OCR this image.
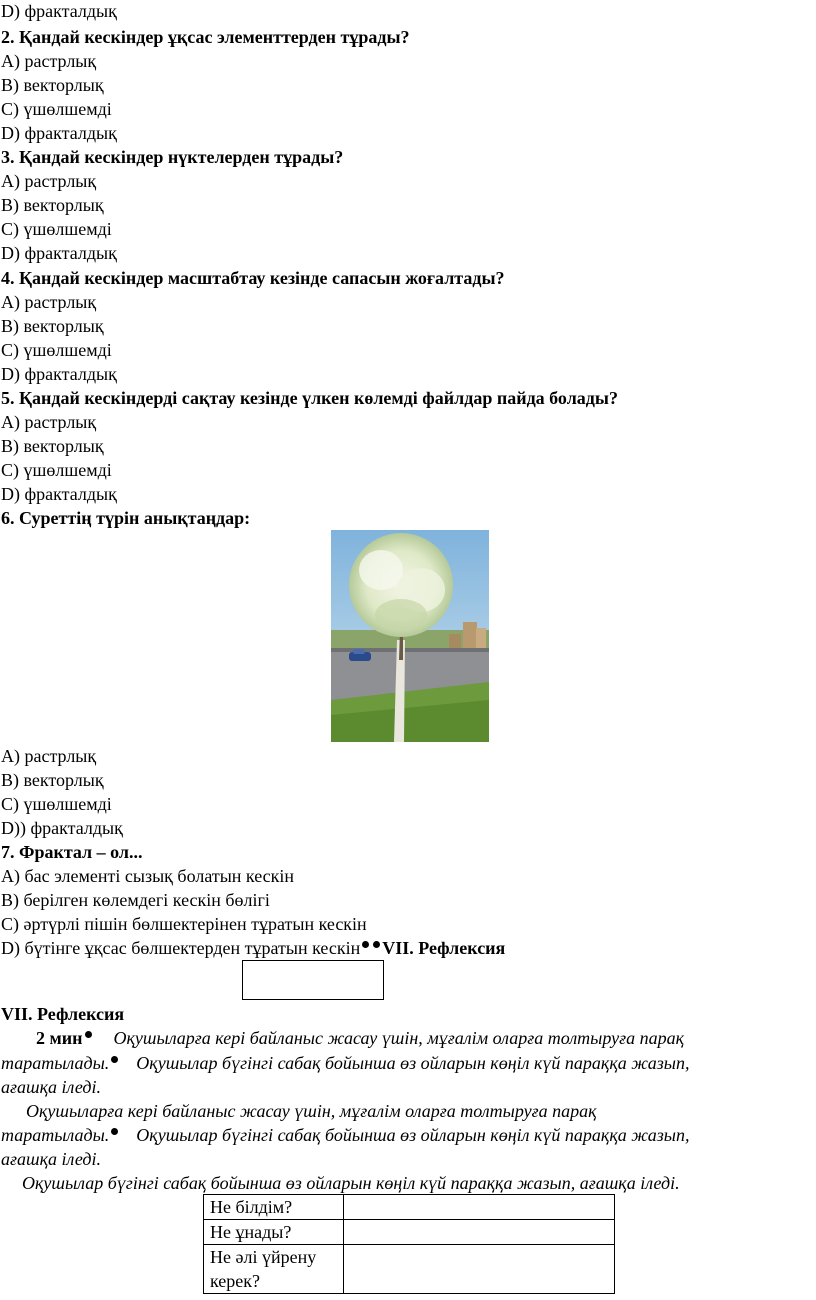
D) фракталдық
2. Қандай кескіндер ұқсас элементтерден тұрады?
A) растрлық
B) векторлық
C) үшөлшемді
D) фракталдық
3. Қандай кескіндер нүктелерден тұрады?
A) растрлық
B) векторлық
C) үшөлшемді
D) фракталдық
4. Қандай кескіндер масштабтау кезінде сапасын жоғалтады?
A) растрлық
B) векторлық
C) үшөлшемді
D) фракталдық
5. Қандай кескіндерді сақтау кезінде үлкен көлемді файлдар пайда болады?
A) растрлық
B) векторлық
C) үшөлшемді
D) фракталдық
6. Суреттің түрін анықтаңдар:
A) растрлық
B) векторлық
C) үшөлшемді
D)) фракталдық
7. Фрактал – ол...
A) бас элементі сызық болатын кескін
B) берілген көлемдегі кескін бөлігі
C) әртүрлі пішін бөлшектерінен тұратын кескін
D) бүтінге ұқсас бөлшектерден тұратын кескін VII. Рефлексия
VII. Рефлексия
2 мин Оқушыларға кері байланыс жасау үшін, мұғалім оларға толтыруға парақ
таратылады. Оқушылар бүгінгі сабақ бойынша өз ойларын көңіл күй параққа жазып,
ағашқа іледі.
Оқушыларға кері байланыс жасау үшін, мұғалім оларға толтыруға парақ
таратылады. Оқушылар бүгінгі сабақ бойынша өз ойларын көңіл күй параққа жазып,
ағашқа іледі.
Оқушылар бүгінгі сабақ бойынша өз ойларын көңіл күй параққа жазып, ағашқа іледі.
Не білдім?	
Не ұнады?	
Не әлі үйрену керек?	
